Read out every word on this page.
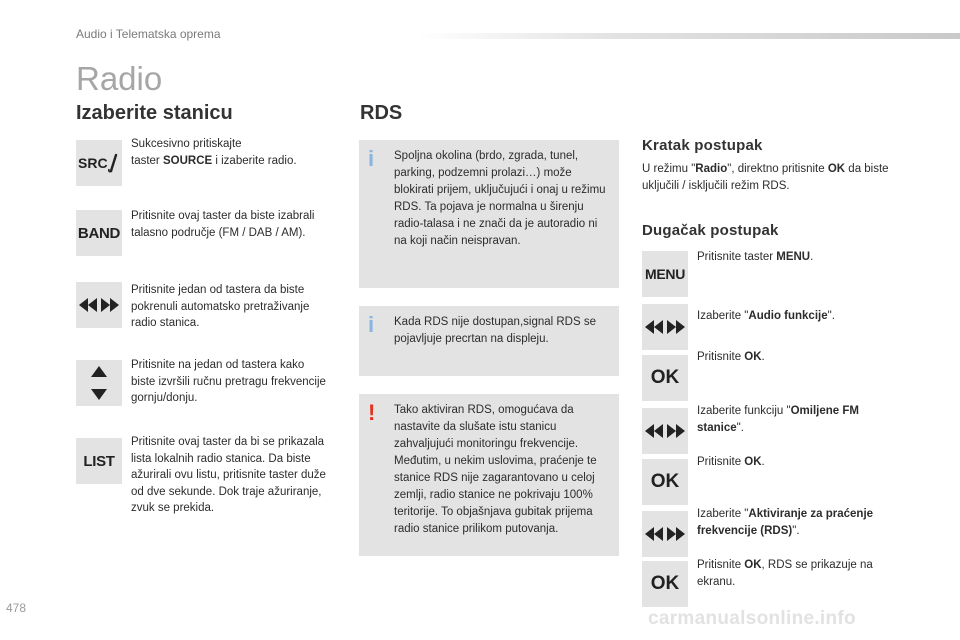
Audio i Telematska oprema
Radio
Izaberite stanicu
SRC
Sukcesivno pritiskajte
taster SOURCE i izaberite radio.
BAND
Pritisnite ovaj taster da biste izabrali talasno područje (FM / DAB / AM).
Pritisnite jedan od tastera da biste pokrenuli automatsko pretraživanje radio stanica.
Pritisnite na jedan od tastera kako biste izvršili ručnu pretragu frekvencije gornju/donju.
LIST
Pritisnite ovaj taster da bi se prikazala lista lokalnih radio stanica. Da biste ažurirali ovu listu, pritisnite taster duže od dve sekunde. Dok traje ažuriranje, zvuk se prekida.
RDS
i Spoljna okolina (brdo, zgrada, tunel, parking, podzemni prolazi…) može blokirati prijem, uključujući i onaj u režimu RDS. Ta pojava je normalna u širenju radio-talasa i ne znači da je autoradio ni na koji način neispravan.
i Kada RDS nije dostupan,signal RDS se pojavljuje precrtan na displeju.
! Tako aktiviran RDS, omogućava da nastavite da slušate istu stanicu zahvaljujući monitoringu frekvencije. Međutim, u nekim uslovima, praćenje te stanice RDS nije zagarantovano u celoj zemlji, radio stanice ne pokrivaju 100% teritorije. To objašnjava gubitak prijema radio stanice prilikom putovanja.
Kratak postupak
U režimu "Radio", direktno pritisnite OK da biste uključili / isključili režim RDS.
Dugačak postupak
MENU
Pritisnite taster MENU.
Izaberite "Audio funkcije".
OK
Pritisnite OK.
Izaberite funkciju "Omiljene FM stanice".
OK
Pritisnite OK.
Izaberite "Aktiviranje za praćenje frekvencije (RDS)".
OK
Pritisnite OK, RDS se prikazuje na ekranu.
478	carmanualsonline.info
